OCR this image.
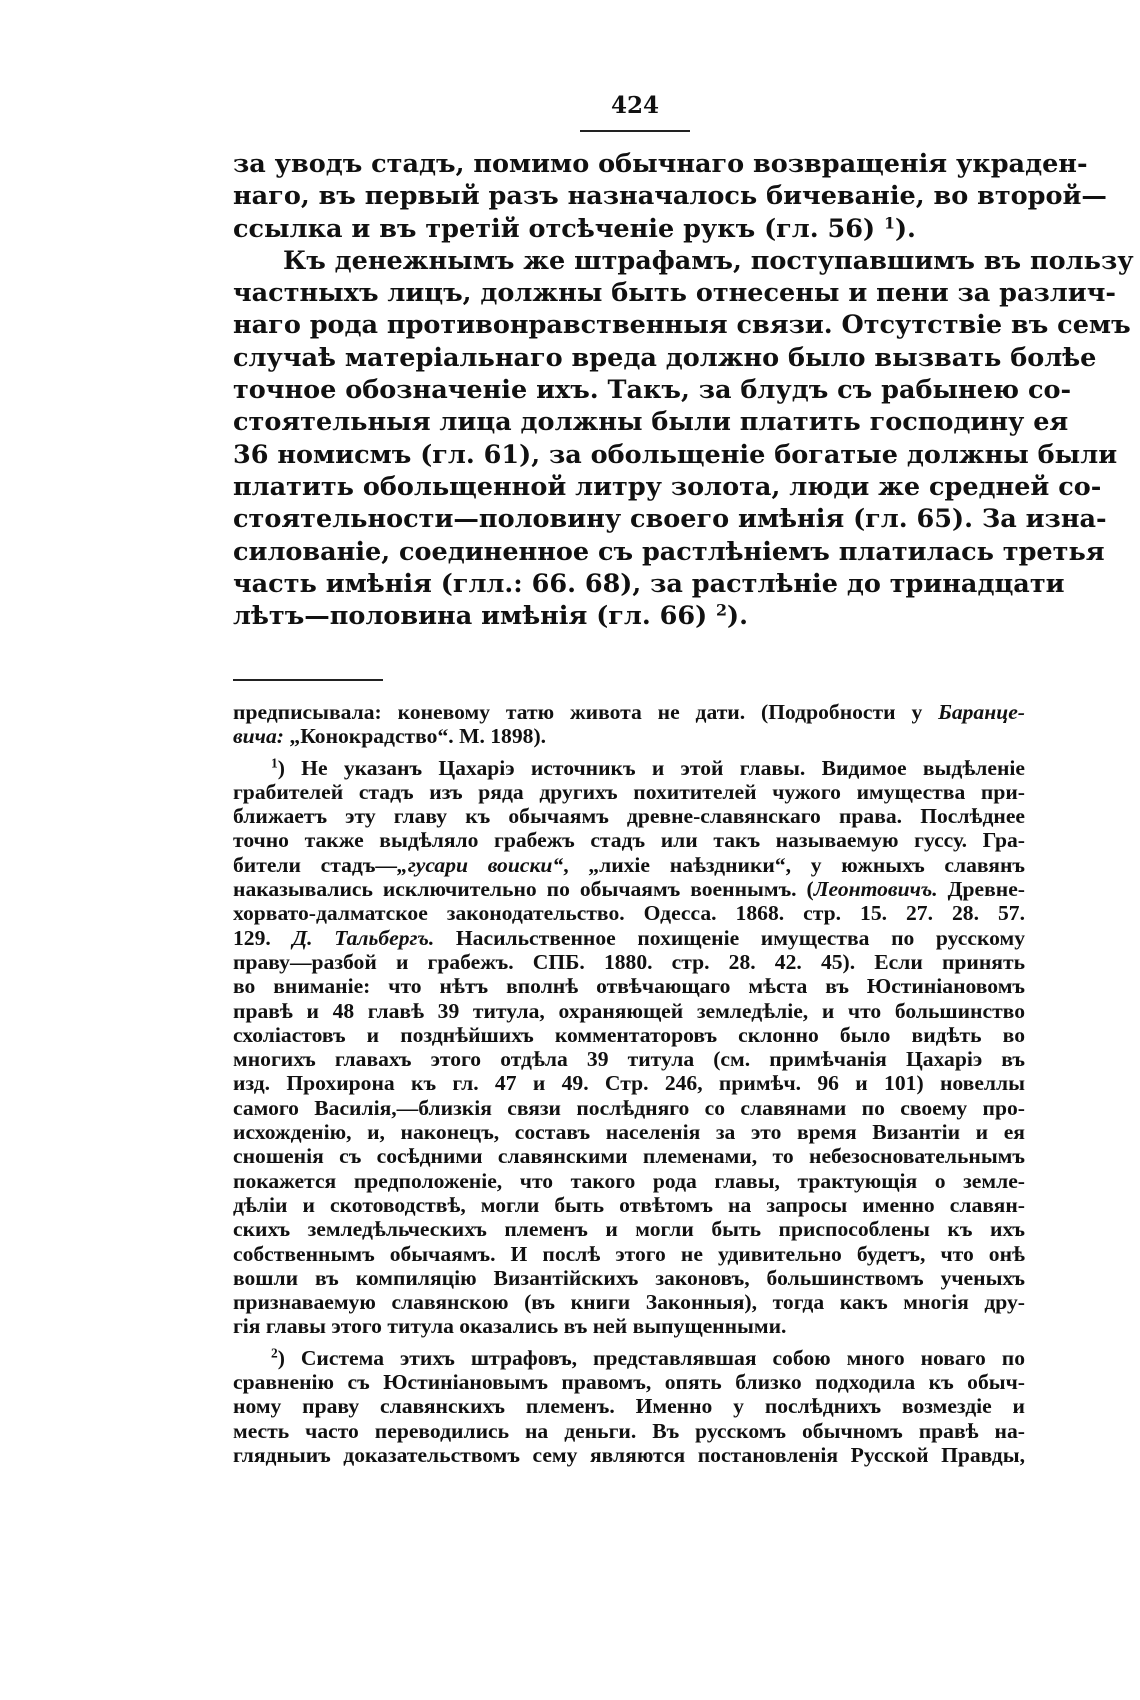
424
за уводъ стадъ, помимо обычнаго возвращенія украден-
наго, въ первый разъ назначалось бичеваніе, во второй—
ссылка и въ третій отсѣченіе рукъ (гл. 56) $^1$).
Къ денежнымъ же штрафамъ, поступавшимъ въ пользу
частныхъ лицъ, должны быть отнесены и пени за различ-
наго рода противонравственныя связи. Отсутствіе въ семъ
случаѣ матеріальнаго вреда должно было вызвать болѣе
точное обозначеніе ихъ. Такъ, за блудъ съ рабынею со-
стоятельныя лица должны были платить господину ея
36 номисмъ (гл. 61), за обольщеніе богатые должны были
платить обольщенной литру золота, люди же средней со-
стоятельности—половину своего имѣнія (гл. 65). За изна-
силованіе, соединенное съ растлѣніемъ платилась третья
часть имѣнія (глл.: 66. 68), за растлѣніе до тринадцати
лѣтъ—половина имѣнія (гл. 66) $^2$).
предписывала: коневому татю живота не дати. (Подробности у Баранце-
вича: „Конокрадство“. М. 1898).
$^1$) Не указанъ Цахаріэ источникъ и этой главы. Видимое выдѣленіе
грабителей стадъ изъ ряда другихъ похитителей чужого имущества при-
ближаетъ эту главу къ обычаямъ древне-славянскаго права. Послѣднее
точно также выдѣляло грабежъ стадъ или такъ называемую гуссу. Гра-
бители стадъ—„гусари воиски“, „лихіе наѣздники“, у южныхъ славянъ
наказывались исключительно по обычаямъ военнымъ. (Леонтовичъ. Древне-
хорвато-далматское законодательство. Одесса. 1868. стр. 15. 27. 28. 57.
129. Д. Тальбергъ. Насильственное похищеніе имущества по русскому
праву—разбой и грабежъ. СПБ. 1880. стр. 28. 42. 45). Если принять
во вниманіе: что нѣтъ вполнѣ отвѣчающаго мѣста въ Юстиніановомъ
правѣ и 48 главѣ 39 титула, охраняющей земледѣліе, и что большинство
схоліастовъ и позднѣйшихъ комментаторовъ склонно было видѣть во
многихъ главахъ этого отдѣла 39 титула (см. примѣчанія Цахаріэ въ
изд. Прохирона къ гл. 47 и 49. Стр. 246, примѣч. 96 и 101) новеллы
самого Василія,—близкія связи послѣдняго со славянами по своему про-
исхожденію, и, наконецъ, составъ населенія за это время Византіи и ея
сношенія съ сосѣдними славянскими племенами, то небезосновательнымъ
покажется предположеніе, что такого рода главы, трактующія о земле-
дѣліи и скотоводствѣ, могли быть отвѣтомъ на запросы именно славян-
скихъ земледѣльческихъ племенъ и могли быть приспособлены къ ихъ
собственнымъ обычаямъ. И послѣ этого не удивительно будетъ, что онѣ
вошли въ компиляцію Византійскихъ законовъ, большинствомъ ученыхъ
признаваемую славянскою (въ книги Законныя), тогда какъ многія дру-
гія главы этого титула оказались въ ней выпущенными.
$^2$) Система этихъ штрафовъ, представлявшая собою много новаго по
сравненію съ Юстиніановымъ правомъ, опять близко подходила къ обыч-
ному праву славянскихъ племенъ. Именно у послѣднихъ возмездіе и
месть часто переводились на деньги. Въ русскомъ обычномъ правѣ на-
глядныиъ доказательствомъ сему являются постановленія Русской Правды,
